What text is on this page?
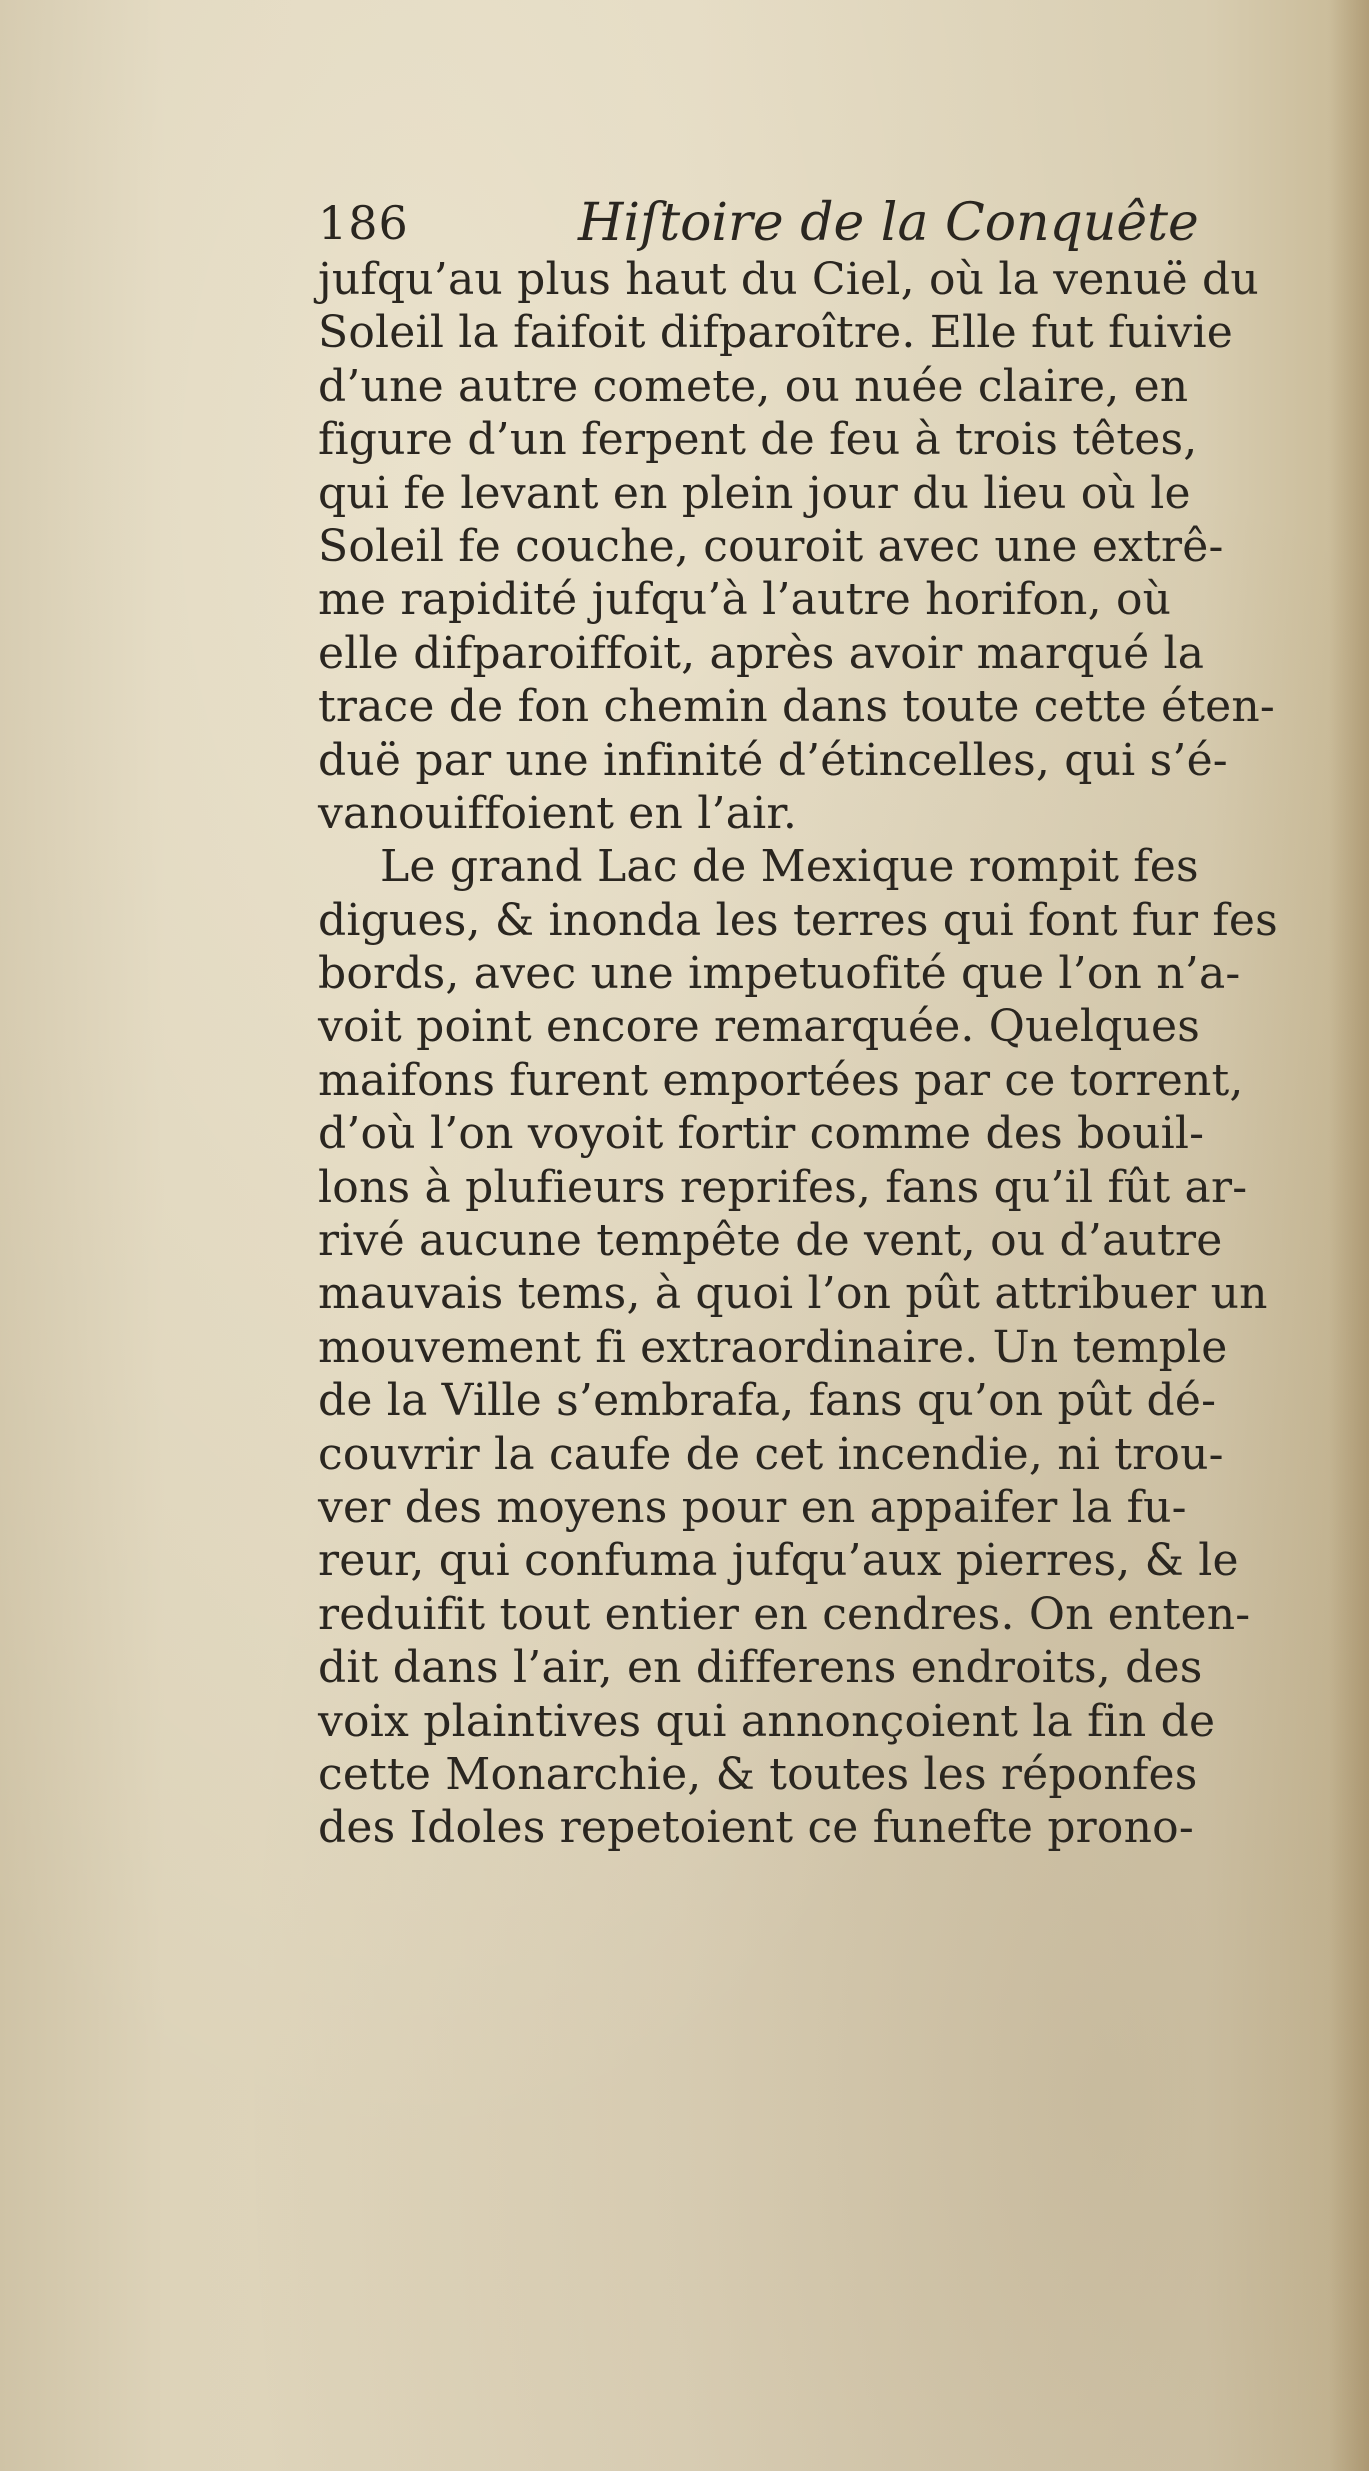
186	Hiſtoire de la Conquête
jufqu’au plus haut du Ciel, où la venuë du
Soleil la faifoit difparoître. Elle fut fuivie
d’une autre comete, ou nuée claire, en
figure d’un ferpent de feu à trois têtes,
qui fe levant en plein jour du lieu où le
Soleil fe couche, couroit avec une extrê-
me rapidité jufqu’à l’autre horifon, où
elle difparoiffoit, après avoir marqué la
trace de fon chemin dans toute cette éten-
duë par une infinité d’étincelles, qui s’é-
vanouiffoient en l’air.
Le grand Lac de Mexique rompit fes
digues, & inonda les terres qui font fur fes
bords, avec une impetuofité que l’on n’a-
voit point encore remarquée. Quelques
maifons furent emportées par ce torrent,
d’où l’on voyoit fortir comme des bouil-
lons à plufieurs reprifes, fans qu’il fût ar-
rivé aucune tempête de vent, ou d’autre
mauvais tems, à quoi l’on pût attribuer un
mouvement fi extraordinaire. Un temple
de la Ville s’embrafa, fans qu’on pût dé-
couvrir la caufe de cet incendie, ni trou-
ver des moyens pour en appaifer la fu-
reur, qui confuma jufqu’aux pierres, & le
reduifit tout entier en cendres. On enten-
dit dans l’air, en differens endroits, des
voix plaintives qui annonçoient la fin de
cette Monarchie, & toutes les réponfes
des Idoles repetoient ce funefte prono-
